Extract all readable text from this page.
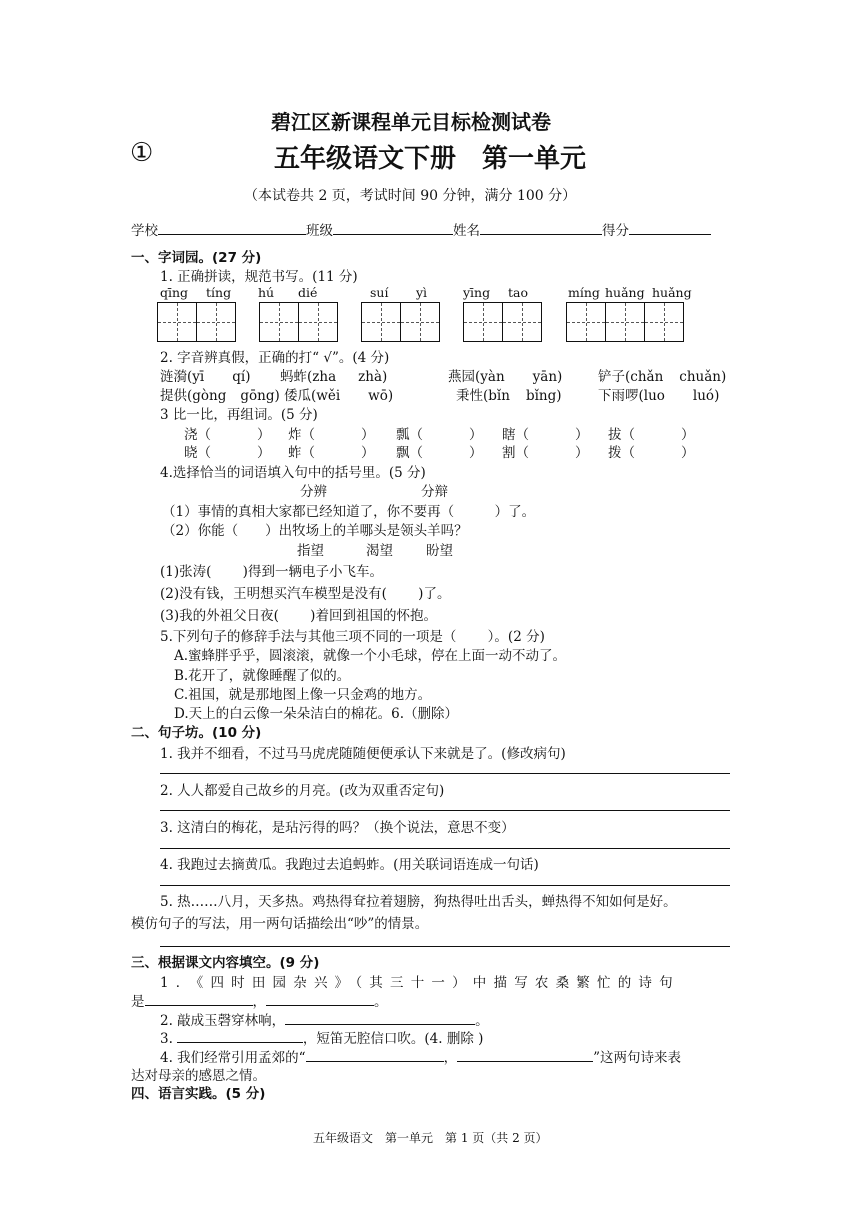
碧江区新课程单元目标检测试卷
①	五年级语文下册　第一单元
（本试卷共 2 页，考试时间 90 分钟，满分 100 分）
学校	班级	姓名	得分
一、字词园。(27 分)
1. 正确拼读，规范书写。(11 分)
qīng tíng hú dié	suí yì	yīng tao	míng huǎng huǎng
2. 字音辨真假，正确的打“ √”。(4 分)
涟漪(yī qí) 蚂蚱(zha zhà)	燕园(yàn yān)	铲子(chǎn chuǎn)
提供(gòng gōng) 倭瓜(wěi wō)	秉性(bǐn bǐng)	下雨啰(luo luó)
3 比一比，再组词。(5 分)
浇（	） 炸（	） 瓢（	） 瞎（	） 拔（	）
晓（	） 蚱（	） 飘（	） 割（	） 拨（	）
4.选择恰当的词语填入句中的括号里。(5 分)
分辨	分辩
（1）事情的真相大家都已经知道了，你不要再（　　　）了。
（2）你能（　　）出牧场上的羊哪头是领头羊吗？
指望	渴望 盼望
(1)张涛(　　 )得到一辆电子小飞车。
(2)没有钱，王明想买汽车模型是没有(　　 )了。
(3)我的外祖父日夜(　　 )着回到祖国的怀抱。
5.下列句子的修辞手法与其他三项不同的一项是（　　 ）。(2 分)
A.蜜蜂胖乎乎，圆滚滚，就像一个小毛球，停在上面一动不动了。
B.花开了，就像睡醒了似的。
C.祖国，就是那地图上像一只金鸡的地方。
D.天上的白云像一朵朵洁白的棉花。6.（删除）
二、句子坊。(10 分)
1. 我并不细看，不过马马虎虎随随便便承认下来就是了。(修改病句)
2. 人人都爱自己故乡的月亮。(改为双重否定句)
3. 这清白的梅花，是玷污得的吗？（换个说法，意思不变）
4. 我跑过去摘黄瓜。我跑过去追蚂蚱。(用关联词语连成一句话)
5. 热……八月，天多热。鸡热得耷拉着翅膀，狗热得吐出舌头，蝉热得不知如何是好。
模仿句子的写法，用一两句话描绘出“吵”的情景。
三、根据课文内容填空。(9 分)
1．《四时田园杂兴》（其三十一）中描写农桑繁忙的诗句
是	，	。
2. 敲成玉磬穿林响，	。
3.	，短笛无腔信口吹。(4. 删除 )
4. 我们经常引用孟郊的“	，	”这两句诗来表
达对母亲的感恩之情。
四、语言实践。(5 分)
五年级语文　第一单元　第 1 页（共 2 页）
